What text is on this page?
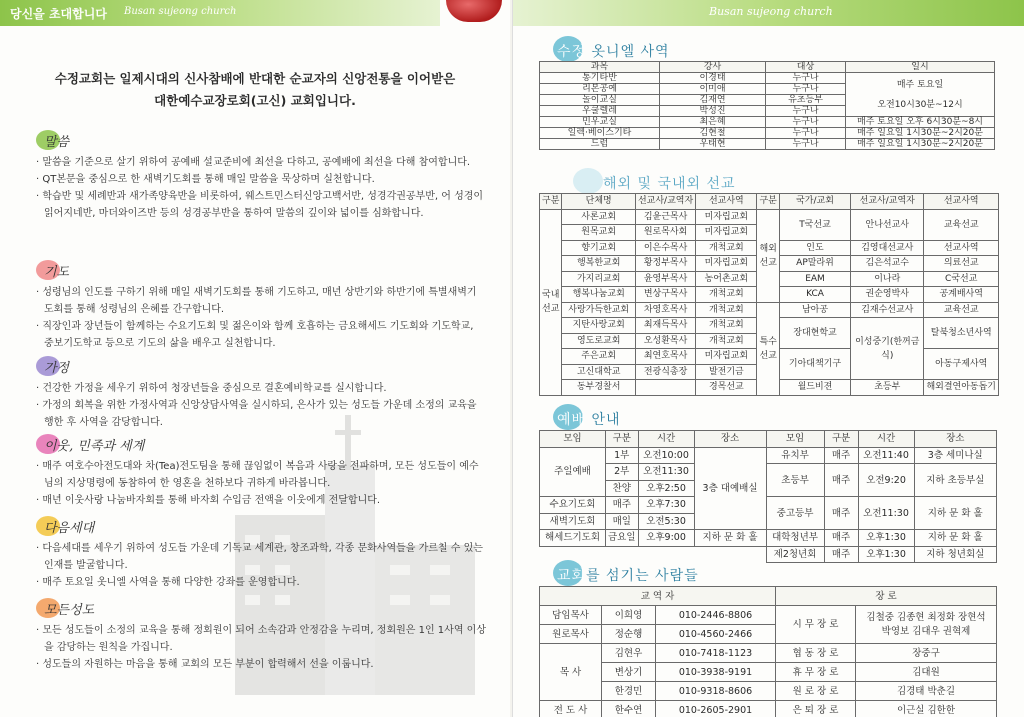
당신을 초대합니다 Busan sujeong church
수정교회는 일제시대의 신사참배에 반대한 순교자의 신앙전통을 이어받은
대한예수교장로회(고신) 교회입니다.
말씀
· 말씀을 기준으로 살기 위하여 공예배 설교준비에 최선을 다하고, 공예배에 최선을 다해 참여합니다.
· QT본문을 중심으로 한 새벽기도회를 통해 매일 말씀을 묵상하며 실천합니다.
· 학습반 및 세례반과 새가족양육반을 비롯하여, 웨스트민스터신앙고백서반, 성경각권공부반, 어 성경이 읽어지네반, 마더와이즈반 등의 성경공부반을 통하여 말씀의 깊이와 넓이를 심화합니다.
기도
· 성령님의 인도를 구하기 위해 매일 새벽기도회를 통해 기도하고, 매년 상반기와 하반기에 특별새벽기도회를 통해 성령님의 은혜를 간구합니다.
· 직장인과 장년들이 함께하는 수요기도회 및 젊은이와 함께 호흡하는 금요해세드 기도회와 기도학교, 중보기도학교 등으로 기도의 삶을 배우고 실천합니다.
가정
· 건강한 가정을 세우기 위하여 청장년들을 중심으로 결혼예비학교를 실시합니다.
· 가정의 회복을 위한 가정사역과 신앙상담사역을 실시하되, 은사가 있는 성도들 가운데 소정의 교육을 행한 후 사역을 감당합니다.
이웃, 민족과 세계
· 매주 여호수아전도대와 차(Tea)전도팀을 통해 끊임없이 복음과 사랑을 전파하며, 모든 성도들이 예수님의 지상명령에 동참하여 한 영혼을 천하보다 귀하게 바라봅니다.
· 매년 이웃사랑 나눔바자회를 통해 바자회 수입금 전액을 이웃에게 전달합니다.
다음세대
· 다음세대를 세우기 위하여 성도들 가운데 기독교 세계관, 창조과학, 각종 문화사역들을 가르칠 수 있는 인재를 발굴합니다.
· 매주 토요일 옷니엘 사역을 통해 다양한 강좌를 운영합니다.
모든성도
· 모든 성도들이 소정의 교육을 통해 정회원이 되어 소속감과 안정감을 누리며, 정회원은 1인 1사역 이상을 감당하는 원칙을 가집니다.
· 성도들의 자원하는 마음을 통해 교회의 모든 부분이 합력해서 선을 이룹니다.
Busan sujeong church
수정 옷니엘 사역
과목	강사	대상	일시
통기타반	이경태	누구나	매주 토요일
오전10시30분~12시

리본공예	이미애	누구나	
놀이교실	김재연	유초등부	
우쿨렐레	박성진	누구나	
민우교실	최은혜	누구나	매주 토요일 오후 6시30분~8시
일렉·베이스기타	김현철	누구나	매주 일요일 1시30분~2시20분
드럼	우태현	누구나	매주 일요일 1시30분~2시20분
해외 및 국내외 선교
구분	단체명	선교사/교역자	선교사역	구분	국가/교회	선교사/교역자	선교사역
국내선교	사론교회	김윤근목사	미자립교회	해외선교	T국선교	안나선교사	교육선교
	원목교회	원로목사회	미자립교회				
	향기교회	이은수목사	개척교회		인도	김영대선교사	선교사역
	행복한교회	황정부목사	미자립교회		AP말라위	김은석교수	의료선교
	가지리교회	윤영부목사	농어촌교회		EAM	이나라	C국선교
	행복나눔교회	변상구목사	개척교회		KCA	권순영박사	공계배사역
	사랑가득한교회	차영호목사	개척교회	특수선교	남아공	김재수선교사	교육선교
	지탄사랑교회	최재득목사	개척교회		장대현학교	이성중기(한꺼금식)	탈북청소년사역
	영도로교회	오성환목사	개척교회				
	주은교회	최연호목사	미자립교회		기아대책기구		아동구제사역
	고신대학교	전광식총장	발전기금				
	동부경찰서		경목선교		월드비젼	초등부	해외결연아동돕기
예배 안내
모임	구분	시간	장소	모임	구분	시간	장소
주일예배	1부	오전10:00	3층 대예배실	유치부	매주	오전11:40	3층 세미나실
	2부	오전11:30		초등부	매주	오전9:20	지하 초등부실
	찬양	오후2:50					
수요기도회	매주	오후7:30		중고등부	매주	오전11:30	지하 문 화 홀
새벽기도회	매일	오전5:30					
해세드기도회	금요일	오후9:00	지하 문 화 홀	대학청년부	매주	오후1:30	지하 문 화 홀
				제2청년회	매주	오후1:30	지하 청년회실
교회를 섬기는 사람들
교 역 자			장 로	
담임목사	이희영	010-2446-8806	시 무 장 로	김철중 김종현 최정화 장현석
박영보 김대우 권혁제

원로목사	정순행	010-4560-2466		
목 사	김현우	010-7418-1123	협 동 장 로	장중구
	변상기	010-3938-9191	휴 무 장 로	김대원
	한경민	010-9318-8606	원 로 장 로	김경태 박춘길
전 도 사	한수연	010-2605-2901	은 퇴 장 로	이근실 김한한
